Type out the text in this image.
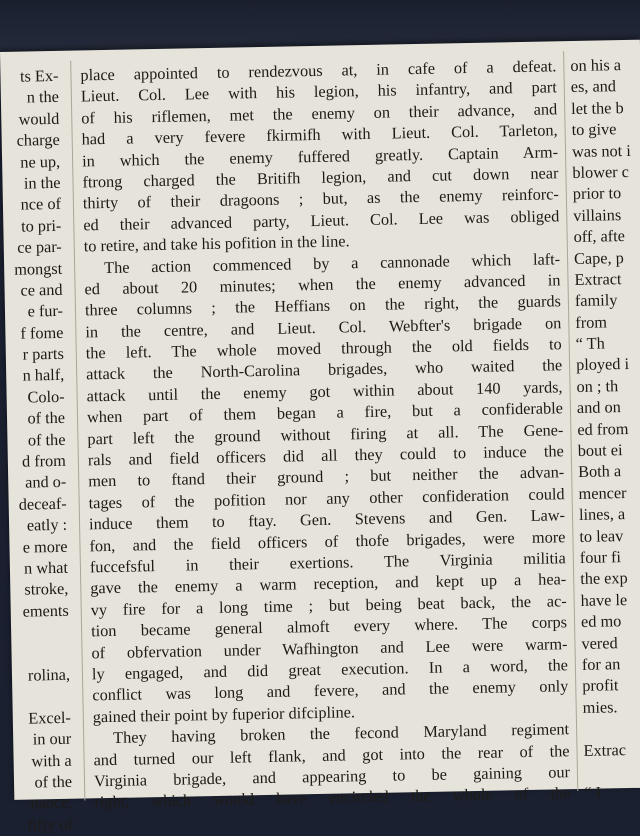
ts Ex-
n the
would
charge
ne up,
in the
nce of
to pri-
ce par-
mongst
ce and
e fur-
f fome
r parts
n half,
Colo-
of the
of the
d from
and o-
deceaf-
eatly :
e more
n what
stroke,
ements
rolina,
Excel-
in our
with a
of the
nance,
fifty of
place appointed to rendezvous at, in cafe of a defeat.
Lieut. Col. Lee with his legion, his infantry, and part
of his riflemen, met the enemy on their advance, and
had a very fevere fkirmifh with Lieut. Col. Tarleton,
in which the enemy fuffered greatly. Captain Arm-
ftrong charged the Britifh legion, and cut down near
thirty of their dragoons ; but, as the enemy reinforc-
ed their advanced party, Lieut. Col. Lee was obliged
to retire, and take his pofition in the line.
The action commenced by a cannonade which laft-
ed about 20 minutes; when the enemy advanced in
three columns ; the Heffians on the right, the guards
in the centre, and Lieut. Col. Webfter's brigade on
the left. The whole moved through the old fields to
attack the North-Carolina brigades, who waited the
attack until the enemy got within about 140 yards,
when part of them began a fire, but a confiderable
part left the ground without firing at all. The Gene-
rals and field officers did all they could to induce the
men to ftand their ground ; but neither the advan-
tages of the pofition nor any other confideration could
induce them to ftay. Gen. Stevens and Gen. Law-
fon, and the field officers of thofe brigades, were more
fuccefsful in their exertions. The Virginia militia
gave the enemy a warm reception, and kept up a hea-
vy fire for a long time ; but being beat back, the ac-
tion became general almoft every where. The corps
of obfervation under Wafhington and Lee were warm-
ly engaged, and did great execution. In a word, the
conflict was long and fevere, and the enemy only
gained their point by fuperior difcipline.
They having broken the fecond Maryland regiment
and turned our left flank, and got into the rear of the
Virginia brigade, and appearing to be gaining our
right, which would have encircled the whole of the
on his a
es, and
let the b
to give
was not i
blower c
prior to
villains
off, afte
Cape, p
Extract
family
from
“ Th
ployed i
on ; th
and on
ed from
bout ei
Both a
mencer
lines, a
to leav
four fi
the exp
have le
ed mo
vered
for an
profit
mies.
Extrac
“ I
